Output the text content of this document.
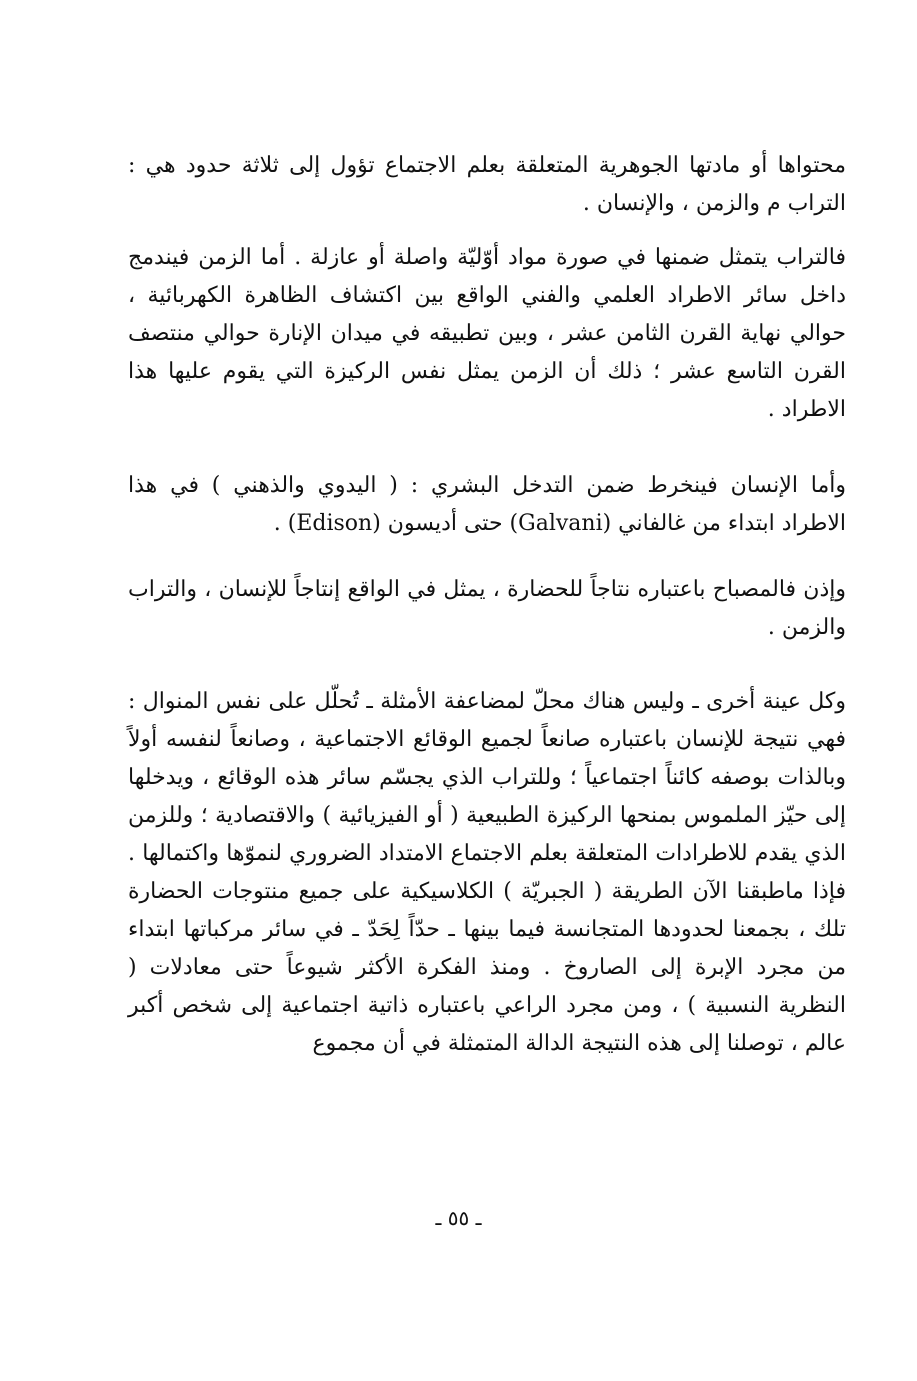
محتواها أو مادتها الجوهرية المتعلقة بعلم الاجتماع تؤول إلى ثلاثة حدود هي : التراب م والزمن ، والإنسان .

فالتراب يتمثل ضمنها في صورة مواد أوّليّة واصلة أو عازلة . أما الزمن فيندمج داخل سائر الاطراد العلمي والفني الواقع بين اكتشاف الظاهرة الكهربائية ، حوالي نهاية القرن الثامن عشر ، وبين تطبيقه في ميدان الإنارة حوالي منتصف القرن التاسع عشر ؛ ذلك أن الزمن يمثل نفس الركيزة التي يقوم عليها هذا الاطراد .

وأما الإنسان فينخرط ضمن التدخل البشري : ( اليدوي والذهني ) في هذا الاطراد ابتداء من غالفاني (Galvani) حتى أديسون (Edison) .

وإذن فالمصباح باعتباره نتاجاً للحضارة ، يمثل في الواقع إنتاجاً للإنسان ، والتراب والزمن .

وكل عينة أخرى ـ وليس هناك محلّ لمضاعفة الأمثلة ـ تُحلّل على نفس المنوال : فهي نتيجة للإنسان باعتباره صانعاً لجميع الوقائع الاجتماعية ، وصانعاً لنفسه أولاً وبالذات بوصفه كائناً اجتماعياً ؛ وللتراب الذي يجسّم سائر هذه الوقائع ، ويدخلها إلى حيّز الملموس بمنحها الركيزة الطبيعية ( أو الفيزيائية ) والاقتصادية ؛ وللزمن الذي يقدم للاطرادات المتعلقة بعلم الاجتماع الامتداد الضروري لنموّها واكتمالها . فإذا ماطبقنا الآن الطريقة ( الجبريّة ) الكلاسيكية على جميع منتوجات الحضارة تلك ، بجمعنا لحدودها المتجانسة فيما بينها ـ حدّاً لِحَدّ ـ في سائر مركباتها ابتداء من مجرد الإبرة إلى الصاروخ . ومنذ الفكرة الأكثر شيوعاً حتى معادلات ( النظرية النسبية ) ، ومن مجرد الراعي باعتباره ذاتية اجتماعية إلى شخص أكبر عالم ، توصلنا إلى هذه النتيجة الدالة المتمثلة في أن مجموع

ـ ٥٥ ـ
